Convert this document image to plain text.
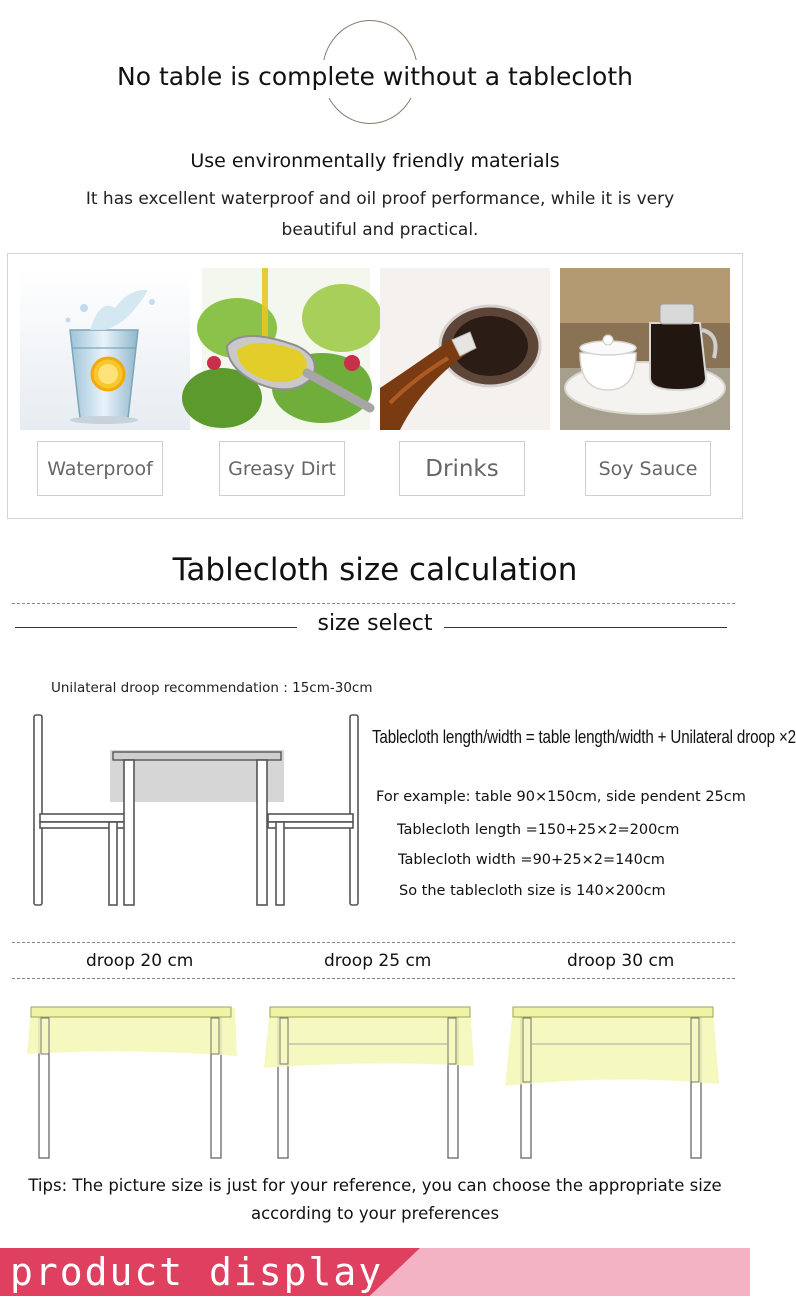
No table is complete without a tablecloth
Use environmentally friendly materials
It has excellent waterproof and oil proof performance, while it is very beautiful and practical.
Waterproof	Greasy Dirt	Drinks	Soy Sauce
Tablecloth size calculation
size select
Unilateral droop recommendation : 15cm-30cm
Tablecloth length/width = table length/width + Unilateral droop ×2
For example: table 90×150cm, side pendent 25cm
Tablecloth length =150+25×2=200cm
Tablecloth width =90+25×2=140cm
So the tablecloth size is 140×200cm
droop 20 cm	droop 25 cm	droop 30 cm
Tips: The picture size is just for your reference, you can choose the appropriate size according to your preferences
product display
